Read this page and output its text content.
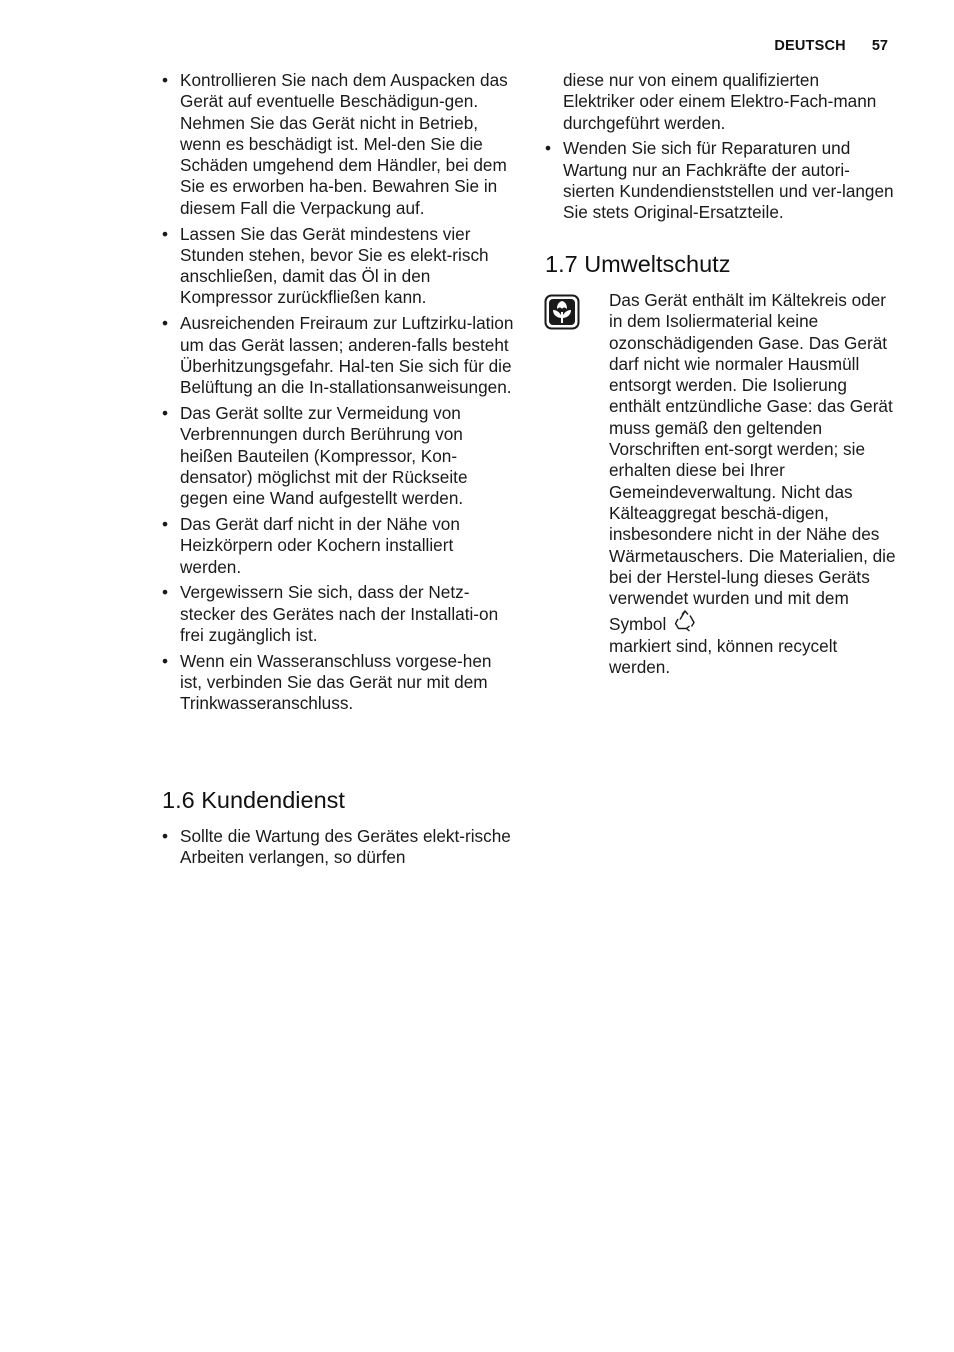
DEUTSCH 57
• Kontrollieren Sie nach dem Auspacken das Gerät auf eventuelle Beschädigun-gen. Nehmen Sie das Gerät nicht in Betrieb, wenn es beschädigt ist. Mel-den Sie die Schäden umgehend dem Händler, bei dem Sie es erworben ha-ben. Bewahren Sie in diesem Fall die Verpackung auf.
• Lassen Sie das Gerät mindestens vier Stunden stehen, bevor Sie es elekt-risch anschließen, damit das Öl in den Kompressor zurückfließen kann.
• Ausreichenden Freiraum zur Luftzirku-lation um das Gerät lassen; anderen-falls besteht Überhitzungsgefahr. Hal-ten Sie sich für die Belüftung an die In-stallationsanweisungen.
• Das Gerät sollte zur Vermeidung von Verbrennungen durch Berührung von heißen Bauteilen (Kompressor, Kon-densator) möglichst mit der Rückseite gegen eine Wand aufgestellt werden.
• Das Gerät darf nicht in der Nähe von Heizkörpern oder Kochern installiert werden.
• Vergewissern Sie sich, dass der Netz-stecker des Gerätes nach der Installati-on frei zugänglich ist.
• Wenn ein Wasseranschluss vorgese-hen ist, verbinden Sie das Gerät nur mit dem Trinkwasseranschluss.
1.6 Kundendienst
• Sollte die Wartung des Gerätes elekt-rische Arbeiten verlangen, so dürfen

diese nur von einem qualifizierten Elektriker oder einem Elektro-Fach-mann durchgeführt werden.

• Wenden Sie sich für Reparaturen und Wartung nur an Fachkräfte der autori-sierten Kundendienststellen und ver-langen Sie stets Original-Ersatzteile.
1.7 Umweltschutz

Das Gerät enthält im Kältekreis oder in dem Isoliermaterial keine ozonschädigenden Gase. Das Gerät darf nicht wie normaler Hausmüll entsorgt werden. Die Isolierung enthält entzündliche Gase: das Gerät muss gemäß den geltenden Vorschriften ent-sorgt werden; sie erhalten diese bei Ihrer Gemeindeverwaltung. Nicht das Kälteaggregat beschä-digen, insbesondere nicht in der Nähe des Wärmetauschers. Die Materialien, die bei der Herstel-lung dieses Geräts verwendet wurden und mit dem Symbol
markiert sind, können recycelt werden.
